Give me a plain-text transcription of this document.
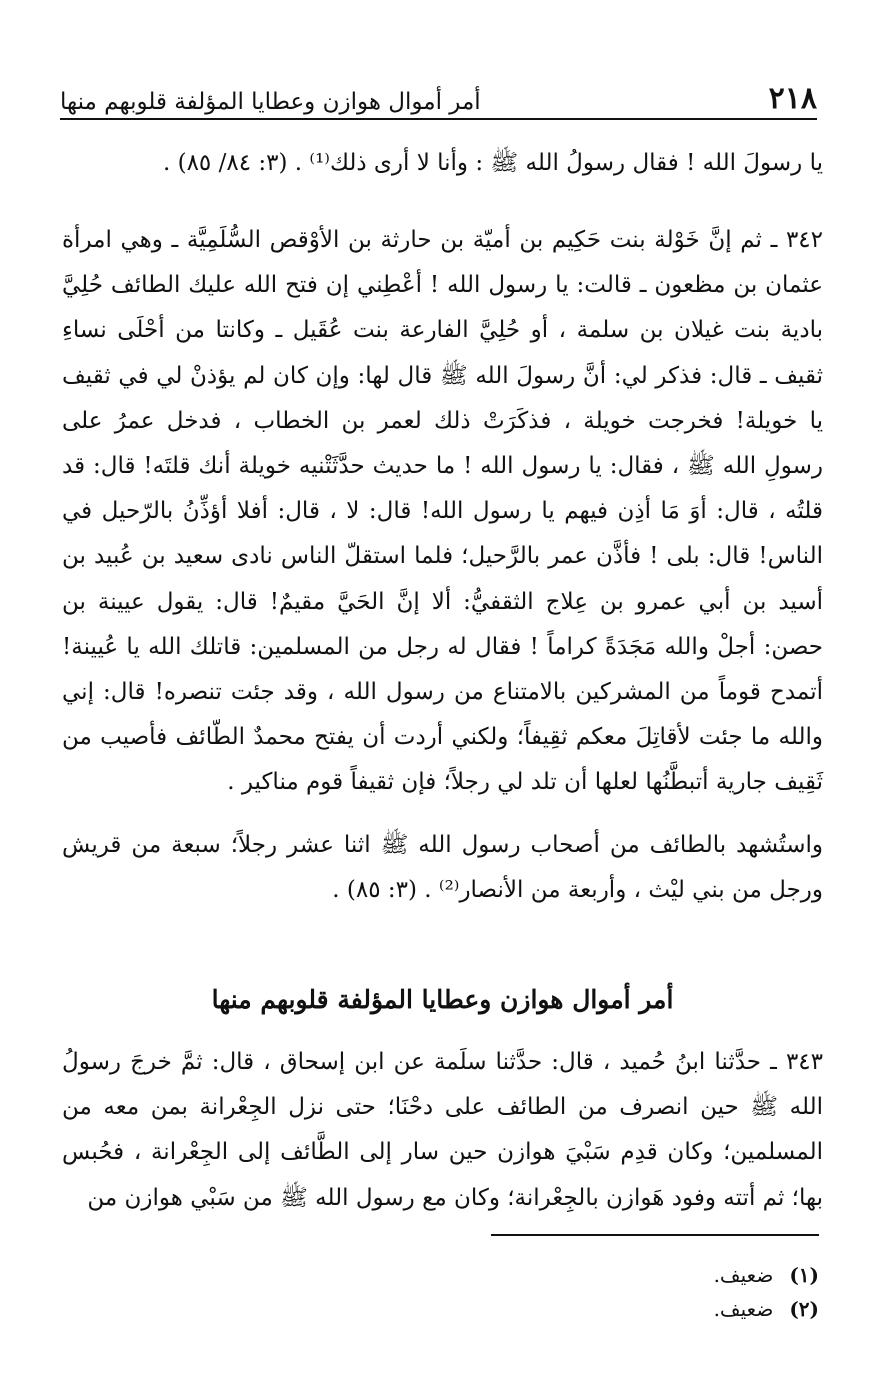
٢١٨
أمر أموال هوازن وعطايا المؤلفة قلوبهم منها

يا رسولَ الله ! فقال رسولُ الله ﷺ : وأنا لا أرى ذلك⁽¹⁾ . (٣: ٨٤/ ٨٥) .

٣٤٢ ـ ثم إنَّ خَوْلة بنت حَكِيم بن أميّة بن حارثة بن الأوْقص السُّلَمِيَّة ـ وهي امرأة عثمان بن مظعون ـ قالت: يا رسول الله ! أعْطِني إن فتح الله عليك الطائف حُلِيَّ بادية بنت غيلان بن سلمة ، أو حُلِيَّ الفارعة بنت عُقَيل ـ وكانتا من أحْلَى نساءِ ثقيف ـ قال: فذكر لي: أنَّ رسولَ الله ﷺ قال لها: وإن كان لم يؤذنْ لي في ثقيف يا خويلة! فخرجت خويلة ، فذكَرَتْ ذلك لعمر بن الخطاب ، فدخل عمرُ على رسولِ الله ﷺ ، فقال: يا رسول الله ! ما حديث حدَّثَتْنيه خويلة أنك قلتَه! قال: قد قلتُه ، قال: أوَ مَا أذِن فيهم يا رسول الله! قال: لا ، قال: أفلا أؤذِّنُ بالرّحيل في الناس! قال: بلى ! فأذَّن عمر بالرَّحيل؛ فلما استقلّ الناس نادى سعيد بن عُبيد بن أسيد بن أبي عمرو بن عِلاج الثقفيُّ: ألا إنَّ الحَيَّ مقيمٌ! قال: يقول عيينة بن حصن: أجلْ والله مَجَدَةً كراماً ! فقال له رجل من المسلمين: قاتلك الله يا عُيينة! أتمدح قوماً من المشركين بالامتناع من رسول الله ، وقد جئت تنصره! قال: إني والله ما جئت لأقاتِلَ معكم ثقِيفاً؛ ولكني أردت أن يفتح محمدٌ الطّائف فأصيب من ثَقِيف جارية أتبطَّنُها لعلها أن تلد لي رجلاً؛ فإن ثقيفاً قوم مناكير .

واستُشهد بالطائف من أصحاب رسول الله ﷺ اثنا عشر رجلاً؛ سبعة من قريش ورجل من بني ليْث ، وأربعة من الأنصار⁽²⁾ . (٣: ٨٥) .

أمر أموال هوازن وعطايا المؤلفة قلوبهم منها

٣٤٣ ـ حدَّثنا ابنُ حُميد ، قال: حدَّثنا سلَمة عن ابن إسحاق ، قال: ثمَّ خرجَ رسولُ الله ﷺ حين انصرف من الطائف على دحْنَا؛ حتى نزل الجِعْرانة بمن معه من المسلمين؛ وكان قدِم سَبْيَ هوازن حين سار إلى الطَّائف إلى الجِعْرانة ، فحُبس بها؛ ثم أتته وفود هَوازن بالجِعْرانة؛ وكان مع رسول الله ﷺ من سَبْي هوازن من

(١)
ضعيف.
(٢)
ضعيف.
